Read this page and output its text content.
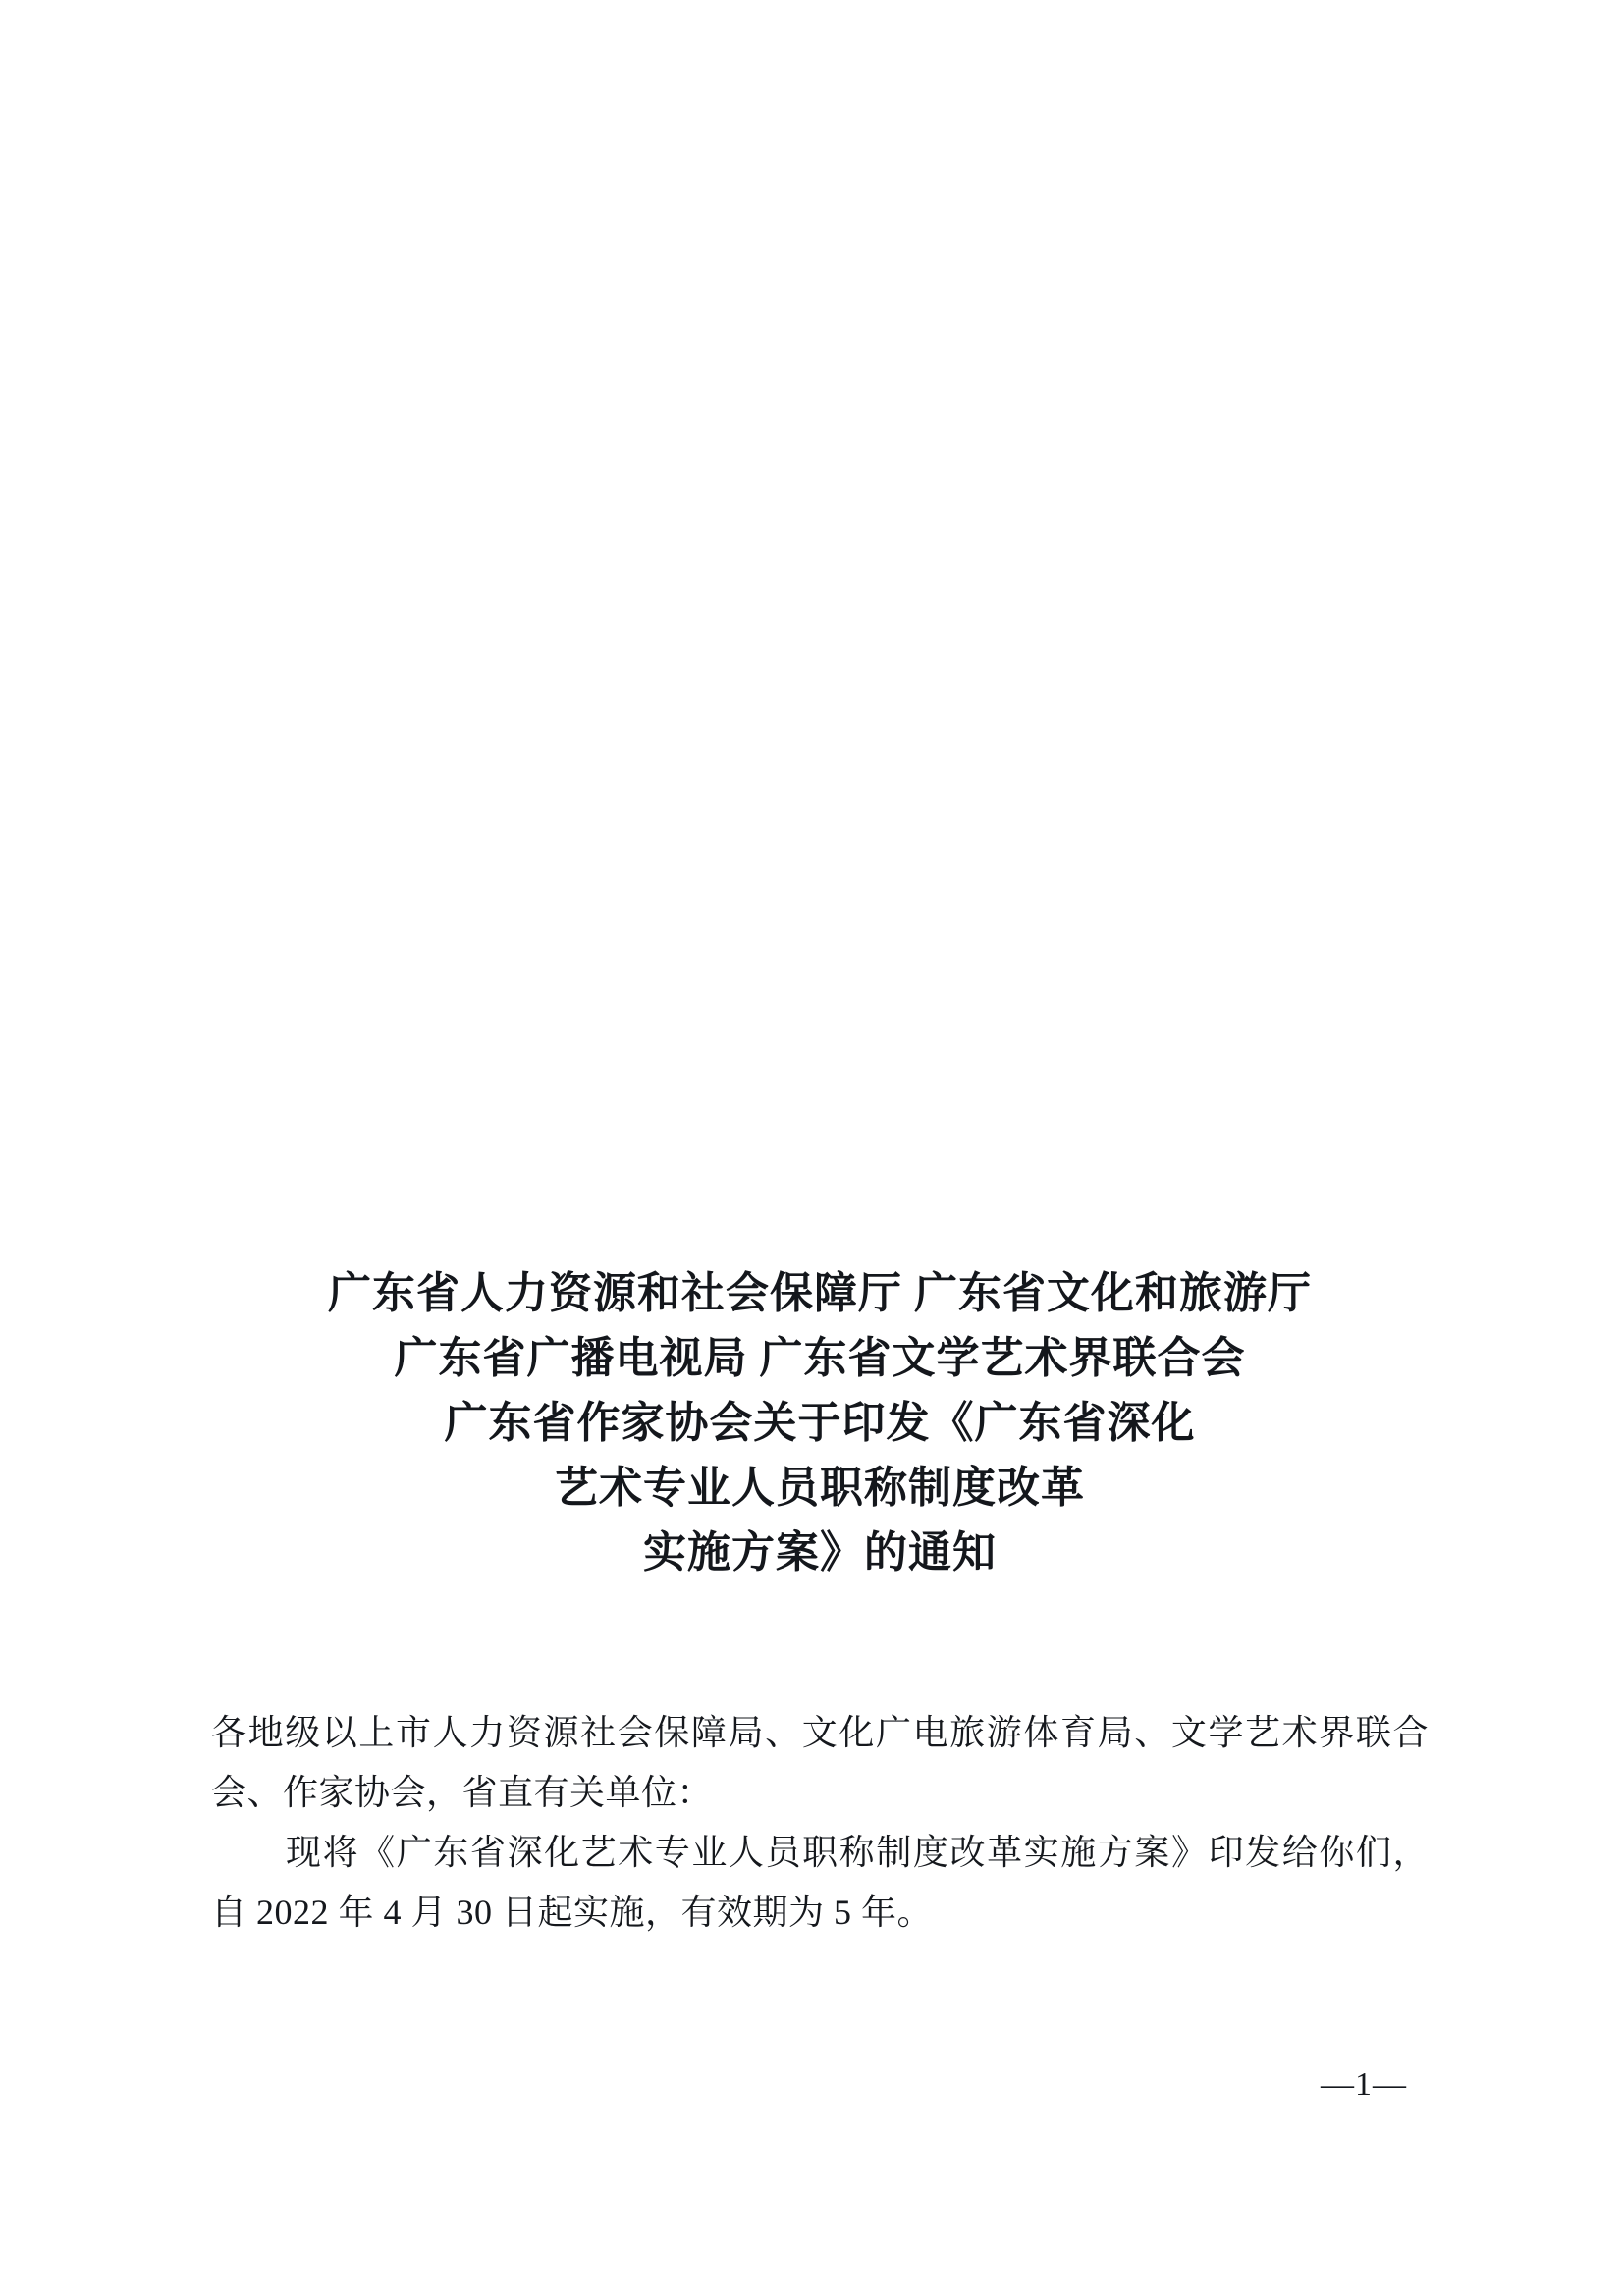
广东省人力资源和社会保障厅 广东省文化和旅游厅
广东省广播电视局 广东省文学艺术界联合会
广东省作家协会关于印发《广东省深化
艺术专业人员职称制度改革
实施方案》的通知

各地级以上市人力资源社会保障局、文化广电旅游体育局、文学艺术界联合会、作家协会，省直有关单位：

现将《广东省深化艺术专业人员职称制度改革实施方案》印发给你们，自 2022 年 4 月 30 日起实施，有效期为 5 年。

—1—
